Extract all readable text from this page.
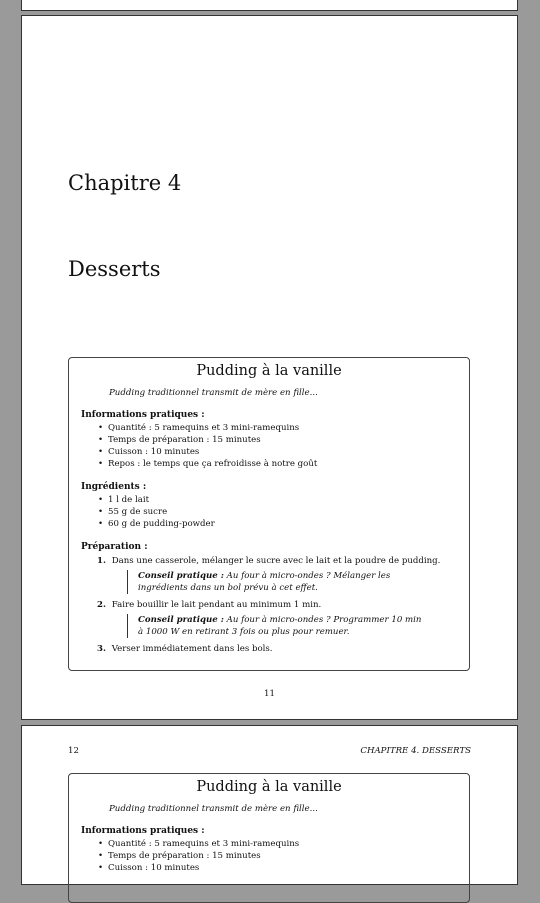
Chapitre 4
Desserts
Pudding à la vanille
Pudding traditionnel transmit de mère en fille...
Informations pratiques :
• Quantité : 5 ramequins et 3 mini-ramequins
• Temps de préparation : 15 minutes
• Cuisson : 10 minutes
• Repos : le temps que ça refroidisse à notre goût
Ingrédients :
• 1 l de lait
• 55 g de sucre
• 60 g de pudding-powder
Préparation :
1. Dans une casserole, mélanger le sucre avec le lait et la poudre de pudding.
Conseil pratique : Au four à micro-ondes ? Mélanger les ingrédients dans un bol prévu à cet effet.
2. Faire bouillir le lait pendant au minimum 1 min.
Conseil pratique : Au four à micro-ondes ? Programmer 10 min à 1000 W en retirant 3 fois ou plus pour remuer.
3. Verser immédiatement dans les bols.
11
12	CHAPITRE 4. DESSERTS
Pudding à la vanille
Pudding traditionnel transmit de mère en fille...
Informations pratiques :
• Quantité : 5 ramequins et 3 mini-ramequins
• Temps de préparation : 15 minutes
• Cuisson : 10 minutes
